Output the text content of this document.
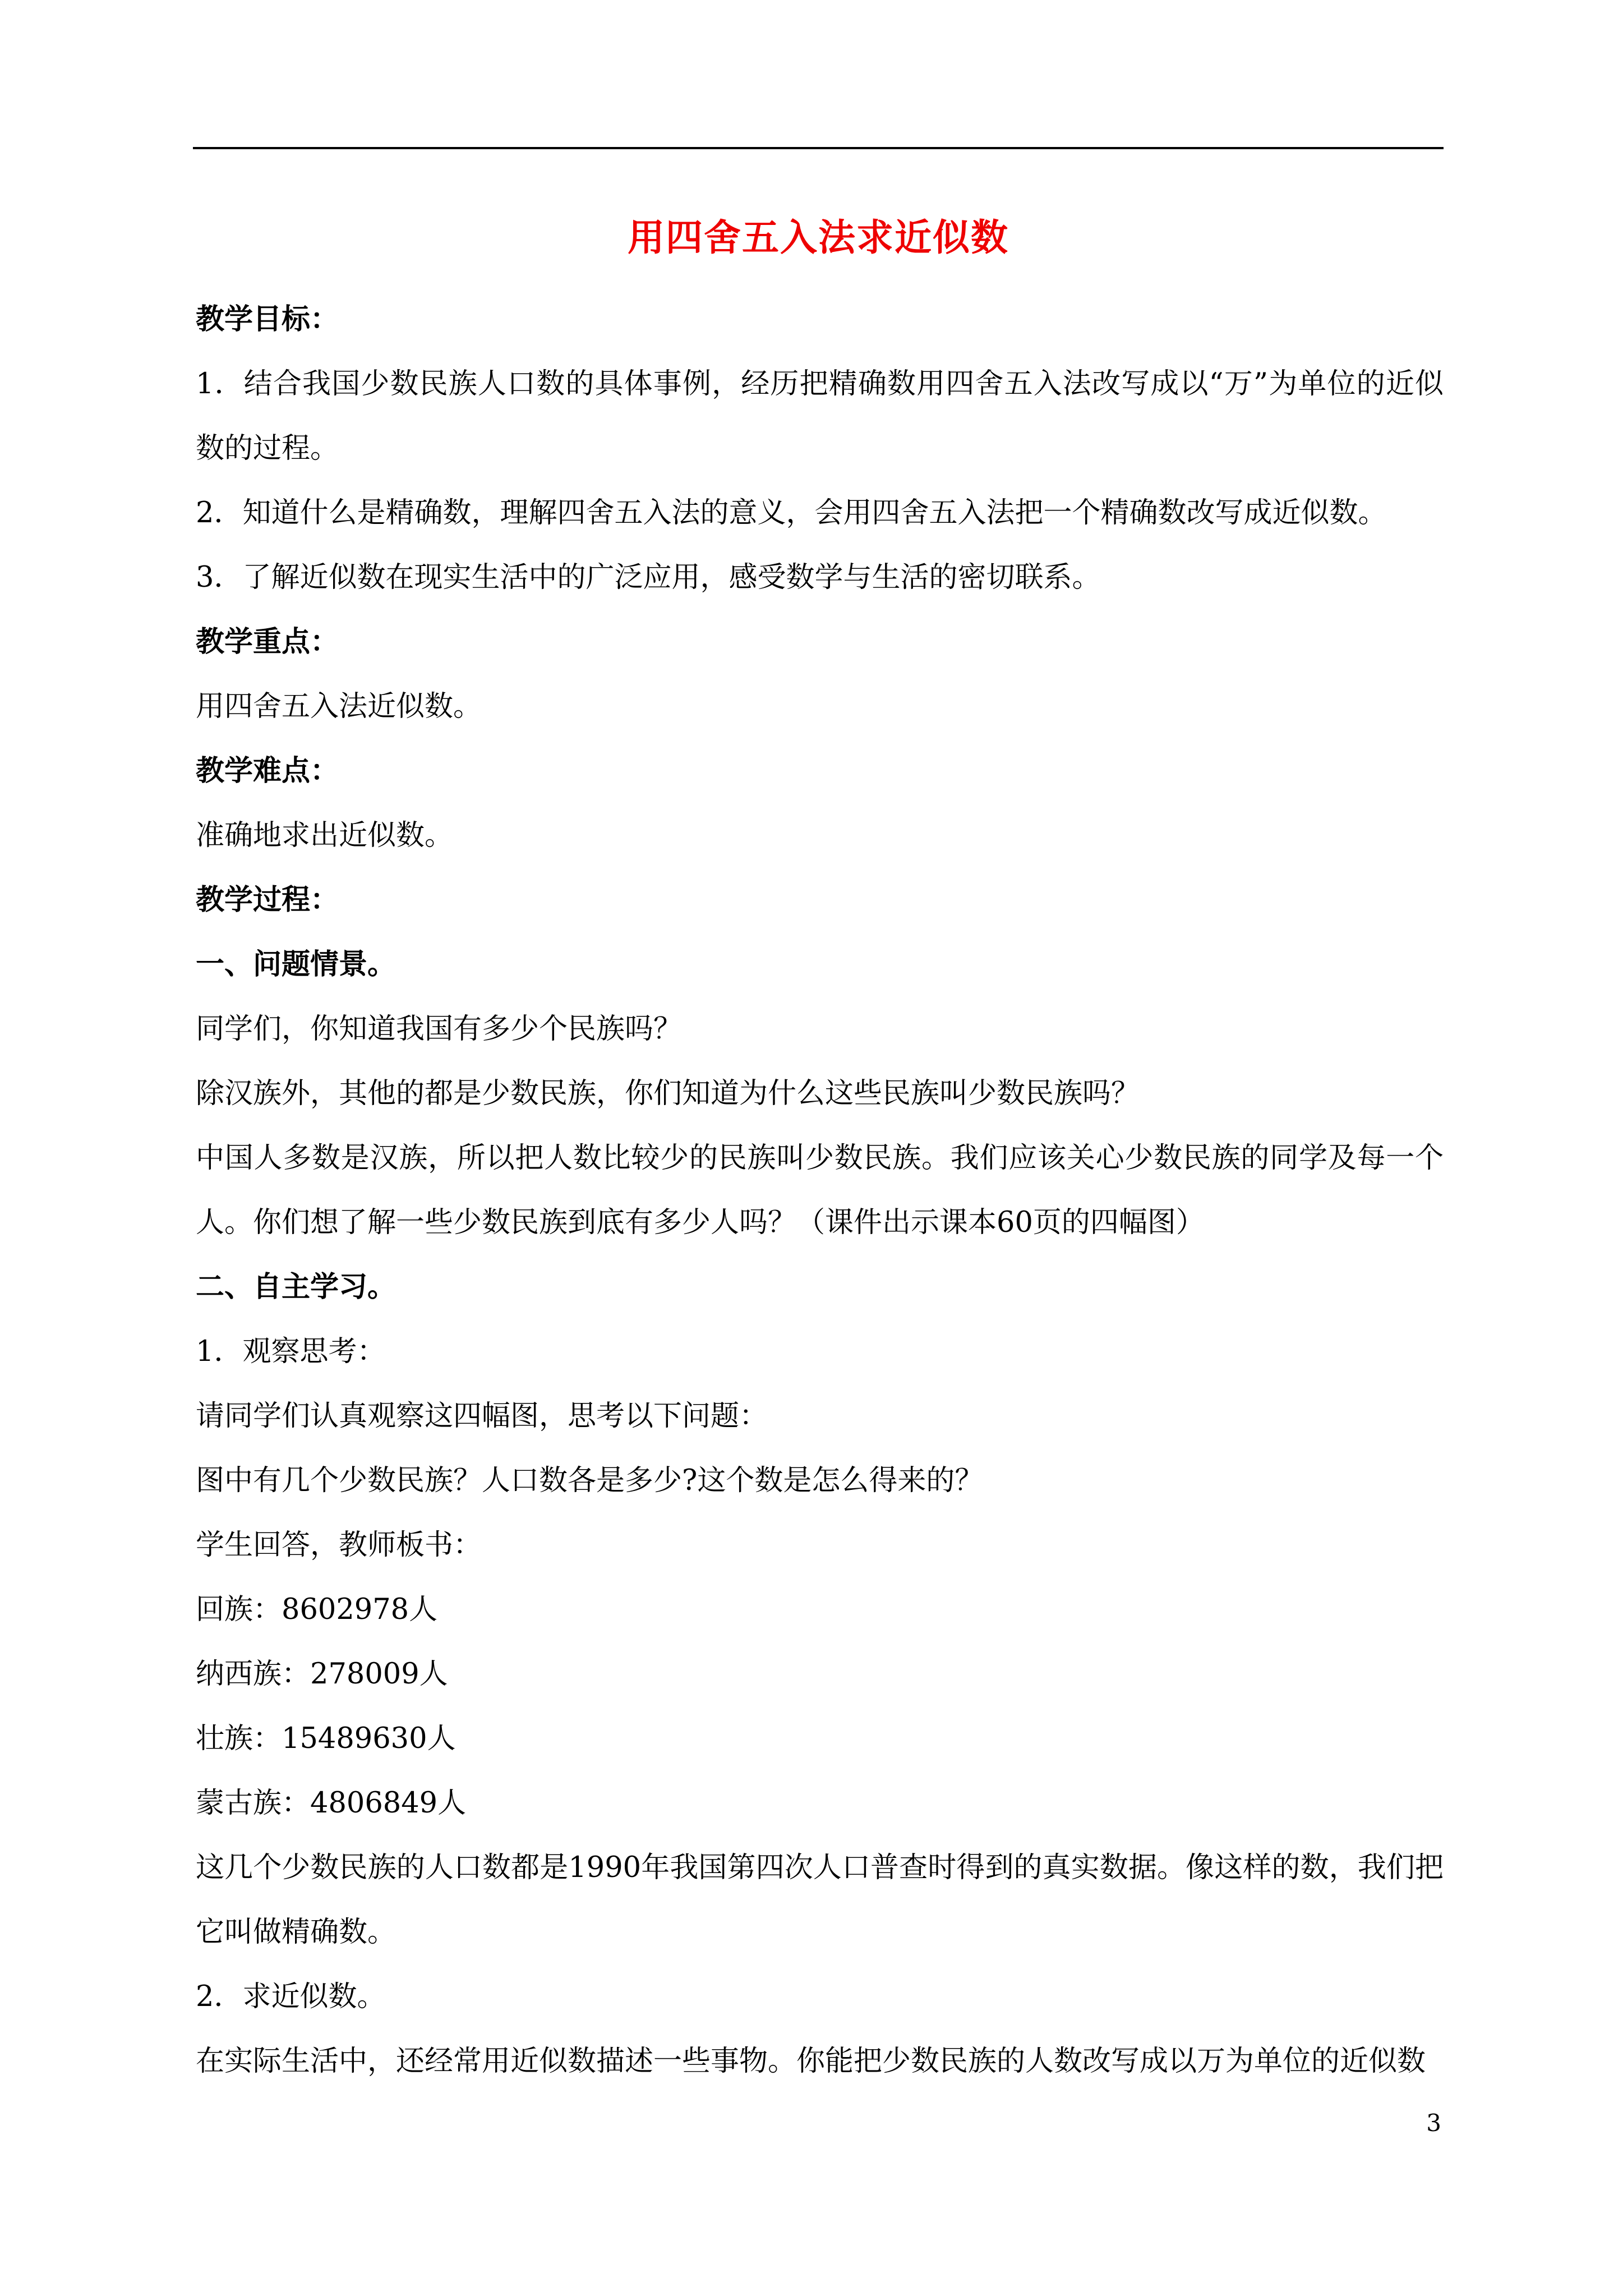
用四舍五入法求近似数

教学目标：

1．结合我国少数民族人口数的具体事例，经历把精确数用四舍五入法改写成以“万”为单位的近似数的过程。

2．知道什么是精确数，理解四舍五入法的意义，会用四舍五入法把一个精确数改写成近似数。

3．了解近似数在现实生活中的广泛应用，感受数学与生活的密切联系。

教学重点：

用四舍五入法近似数。

教学难点：

准确地求出近似数。

教学过程：

一、问题情景。

同学们，你知道我国有多少个民族吗？

除汉族外，其他的都是少数民族，你们知道为什么这些民族叫少数民族吗？

中国人多数是汉族，所以把人数比较少的民族叫少数民族。我们应该关心少数民族的同学及每一个人。你们想了解一些少数民族到底有多少人吗？（课件出示课本60页的四幅图）

二、自主学习。

1．观察思考：

请同学们认真观察这四幅图，思考以下问题：

图中有几个少数民族？人口数各是多少?这个数是怎么得来的？

学生回答，教师板书：

回族：8602978人

纳西族：278009人

壮族：15489630人

蒙古族：4806849人

这几个少数民族的人口数都是1990年我国第四次人口普查时得到的真实数据。像这样的数，我们把它叫做精确数。

2．求近似数。

在实际生活中，还经常用近似数描述一些事物。你能把少数民族的人数改写成以万为单位的近似数

3
